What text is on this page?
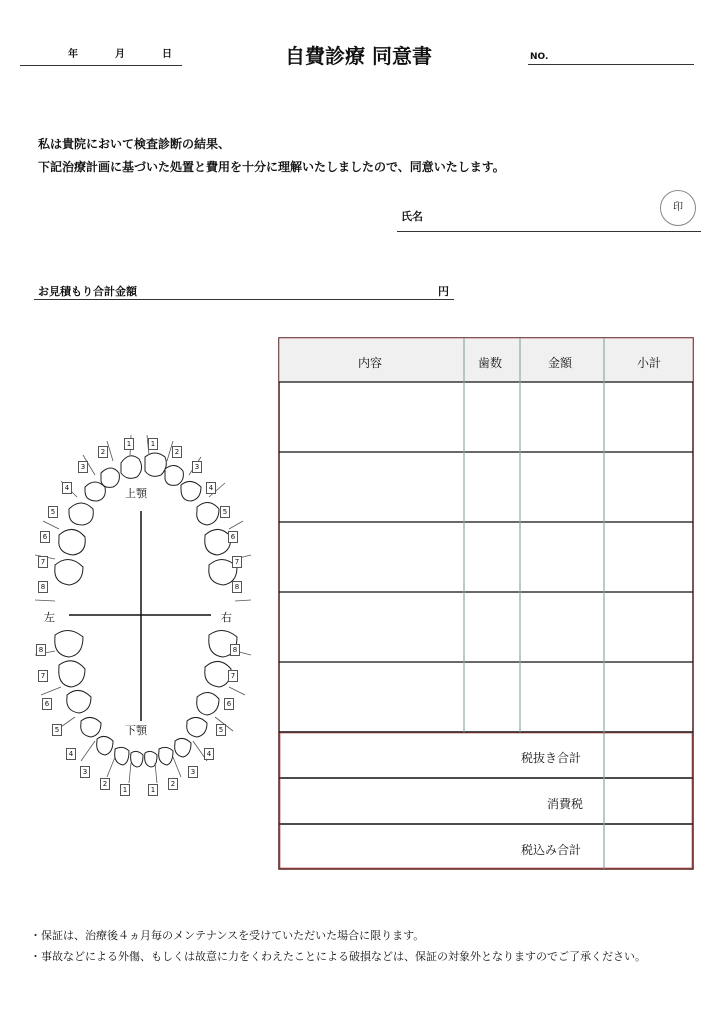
年	月	日	自費診療 同意書	NO.
私は貴院において検査診断の結果、
下記治療計画に基づいた処置と費用を十分に理解いたしましたので、同意いたします。
氏名
印
お見積もり合計金額	円
内容	歯数	金額	小計
税抜き合計
消費税
税込み合計
上顎
下顎
左	右
1
2
3
4
5
6
7
8
1
2
3
4
5
6
7
8
8
7
6
5
4
3
2
1
8
7
6
5
4
3
2
1
・保証は、治療後４ヵ月毎のメンテナンスを受けていただいた場合に限ります。
・事故などによる外傷、もしくは故意に力をくわえたことによる破損などは、保証の対象外となりますのでご了承ください。
